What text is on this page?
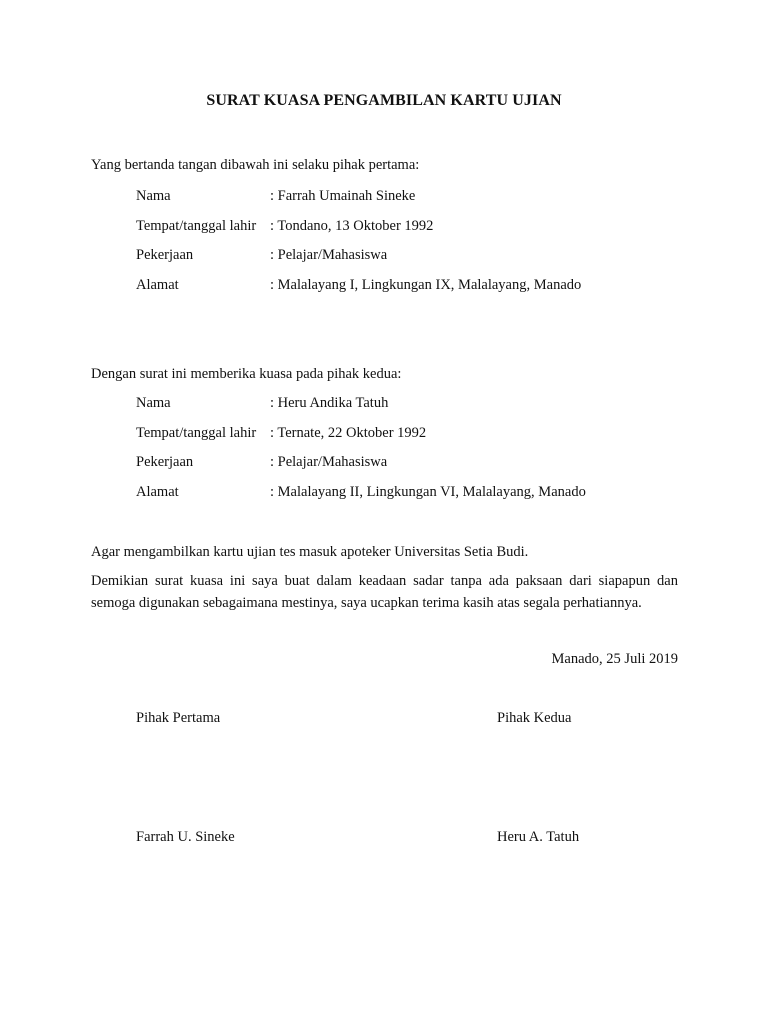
SURAT KUASA PENGAMBILAN KARTU UJIAN
Yang bertanda tangan dibawah ini selaku pihak pertama:
Nama	: Farrah Umainah Sineke
Tempat/tanggal lahir : Tondano, 13 Oktober 1992
Pekerjaan	: Pelajar/Mahasiswa
Alamat	: Malalayang I, Lingkungan IX, Malalayang, Manado
Dengan surat ini memberika kuasa pada pihak kedua:
Nama	: Heru Andika Tatuh
Tempat/tanggal lahir : Ternate, 22 Oktober 1992
Pekerjaan	: Pelajar/Mahasiswa
Alamat	: Malalayang II, Lingkungan VI, Malalayang, Manado
Agar mengambilkan kartu ujian tes masuk apoteker Universitas Setia Budi.
Demikian surat kuasa ini saya buat dalam keadaan sadar tanpa ada paksaan dari siapapun dan semoga digunakan sebagaimana mestinya, saya ucapkan terima kasih atas segala perhatiannya.
Manado, 25 Juli 2019
Pihak Pertama	Pihak Kedua
Farrah U. Sineke	Heru A. Tatuh
